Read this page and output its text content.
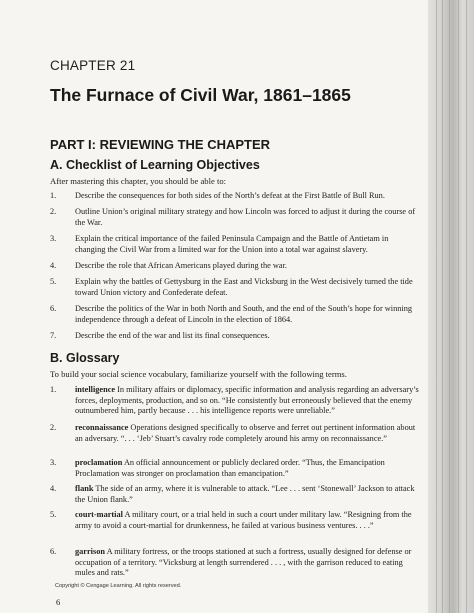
CHAPTER 21
The Furnace of Civil War, 1861–1865
PART I: REVIEWING THE CHAPTER
A. Checklist of Learning Objectives
After mastering this chapter, you should be able to:
1. Describe the consequences for both sides of the North’s defeat at the First Battle of Bull Run.
2. Outline Union’s original military strategy and how Lincoln was forced to adjust it during the course of the War.
3. Explain the critical importance of the failed Peninsula Campaign and the Battle of Antietam in changing the Civil War from a limited war for the Union into a total war against slavery.
4. Describe the role that African Americans played during the war.
5. Explain why the battles of Gettysburg in the East and Vicksburg in the West decisively turned the tide toward Union victory and Confederate defeat.
6. Describe the politics of the War in both North and South, and the end of the South’s hope for winning independence through a defeat of Lincoln in the election of 1864.
7. Describe the end of the war and list its final consequences.
B. Glossary
To build your social science vocabulary, familiarize yourself with the following terms.
1. intelligence In military affairs or diplomacy, specific information and analysis regarding an adversary’s forces, deployments, production, and so on. “He consistently but erroneously believed that the enemy outnumbered him, partly because . . . his intelligence reports were unreliable.”
2. reconnaissance Operations designed specifically to observe and ferret out pertinent information about an adversary. “. . . ‘Jeb’ Stuart’s cavalry rode completely around his army on reconnaissance.”
3. proclamation An official announcement or publicly declared order. “Thus, the Emancipation Proclamation was stronger on proclamation than emancipation.”
4. flank The side of an army, where it is vulnerable to attack. “Lee . . . sent ‘Stonewall’ Jackson to attack the Union flank.”
5. court-martial A military court, or a trial held in such a court under military law. “Resigning from the army to avoid a court-martial for drunkenness, he failed at various business ventures. . . .”
6. garrison A military fortress, or the troops stationed at such a fortress, usually designed for defense or occupation of a territory. “Vicksburg at length surrendered . . . , with the garrison reduced to eating mules and rats.”
Copyright © Cengage Learning. All rights reserved.
6
